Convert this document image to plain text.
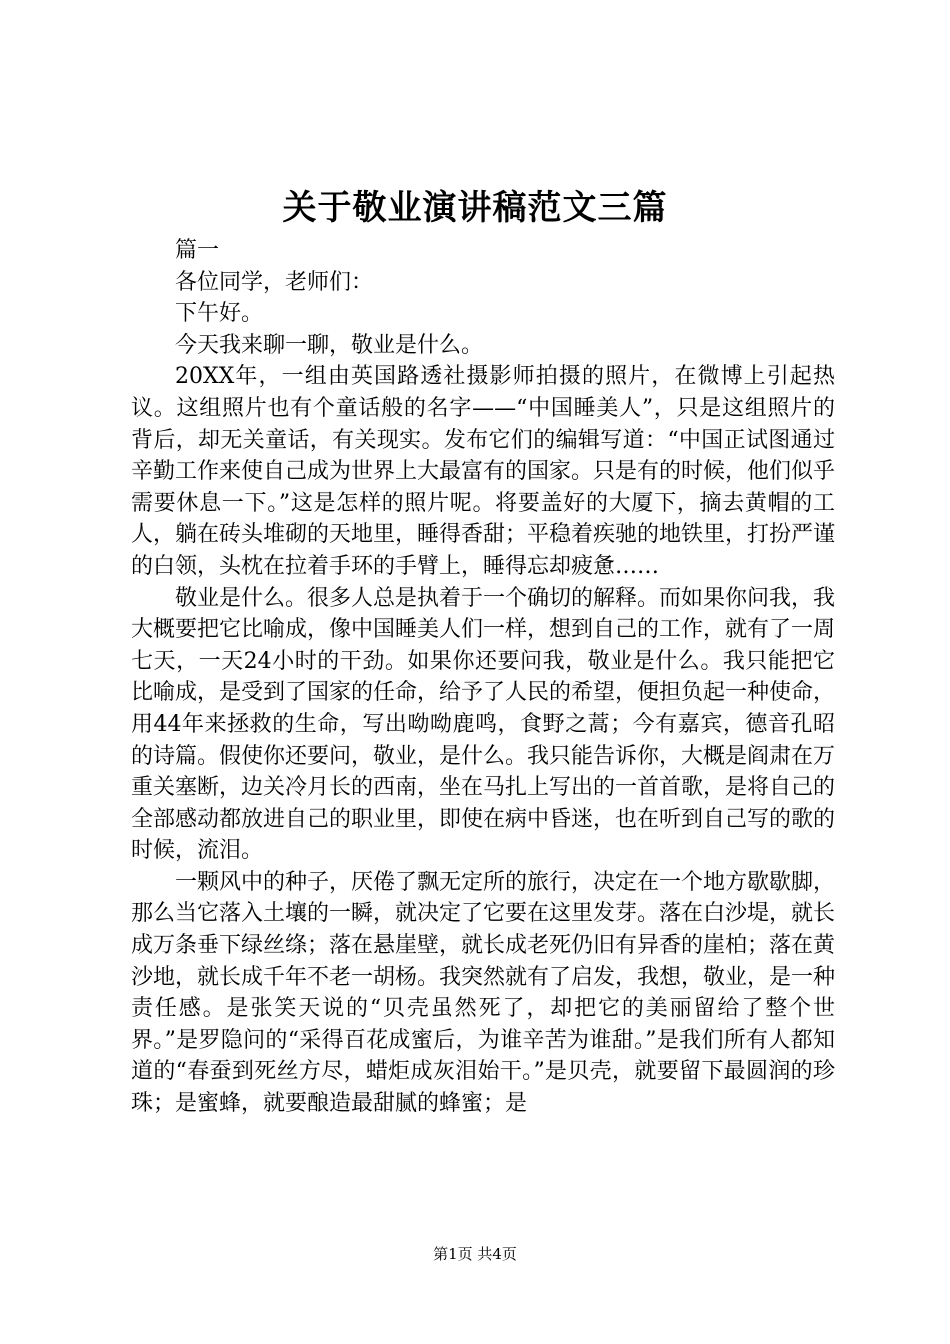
关于敬业演讲稿范文三篇

篇一

各位同学，老师们：

下午好。

今天我来聊一聊，敬业是什么。

20XX年，一组由英国路透社摄影师拍摄的照片，在微博上引起热议。这组照片也有个童话般的名字——“中国睡美人”，只是这组照片的背后，却无关童话，有关现实。发布它们的编辑写道：“中国正试图通过辛勤工作来使自己成为世界上大最富有的国家。只是有的时候，他们似乎需要休息一下。”这是怎样的照片呢。将要盖好的大厦下，摘去黄帽的工人，躺在砖头堆砌的天地里，睡得香甜；平稳着疾驰的地铁里，打扮严谨的白领，头枕在拉着手环的手臂上，睡得忘却疲惫……

敬业是什么。很多人总是执着于一个确切的解释。而如果你问我，我大概要把它比喻成，像中国睡美人们一样，想到自己的工作，就有了一周七天，一天24小时的干劲。如果你还要问我，敬业是什么。我只能把它比喻成，是受到了国家的任命，给予了人民的希望，便担负起一种使命，用44年来拯救的生命，写出呦呦鹿鸣，食野之蒿；今有嘉宾，德音孔昭的诗篇。假使你还要问，敬业，是什么。我只能告诉你，大概是阎肃在万重关塞断，边关冷月长的西南，坐在马扎上写出的一首首歌，是将自己的全部感动都放进自己的职业里，即使在病中昏迷，也在听到自己写的歌的时候，流泪。

一颗风中的种子，厌倦了飘无定所的旅行，决定在一个地方歇歇脚，那么当它落入土壤的一瞬，就决定了它要在这里发芽。落在白沙堤，就长成万条垂下绿丝绦；落在悬崖壁，就长成老死仍旧有异香的崖柏；落在黄沙地，就长成千年不老一胡杨。我突然就有了启发，我想，敬业，是一种责任感。是张笑天说的“贝壳虽然死了，却把它的美丽留给了整个世界。”是罗隐问的“采得百花成蜜后，为谁辛苦为谁甜。”是我们所有人都知道的“春蚕到死丝方尽，蜡炬成灰泪始干。”是贝壳，就要留下最圆润的珍珠；是蜜蜂，就要酿造最甜腻的蜂蜜；是

第1页 共4页
